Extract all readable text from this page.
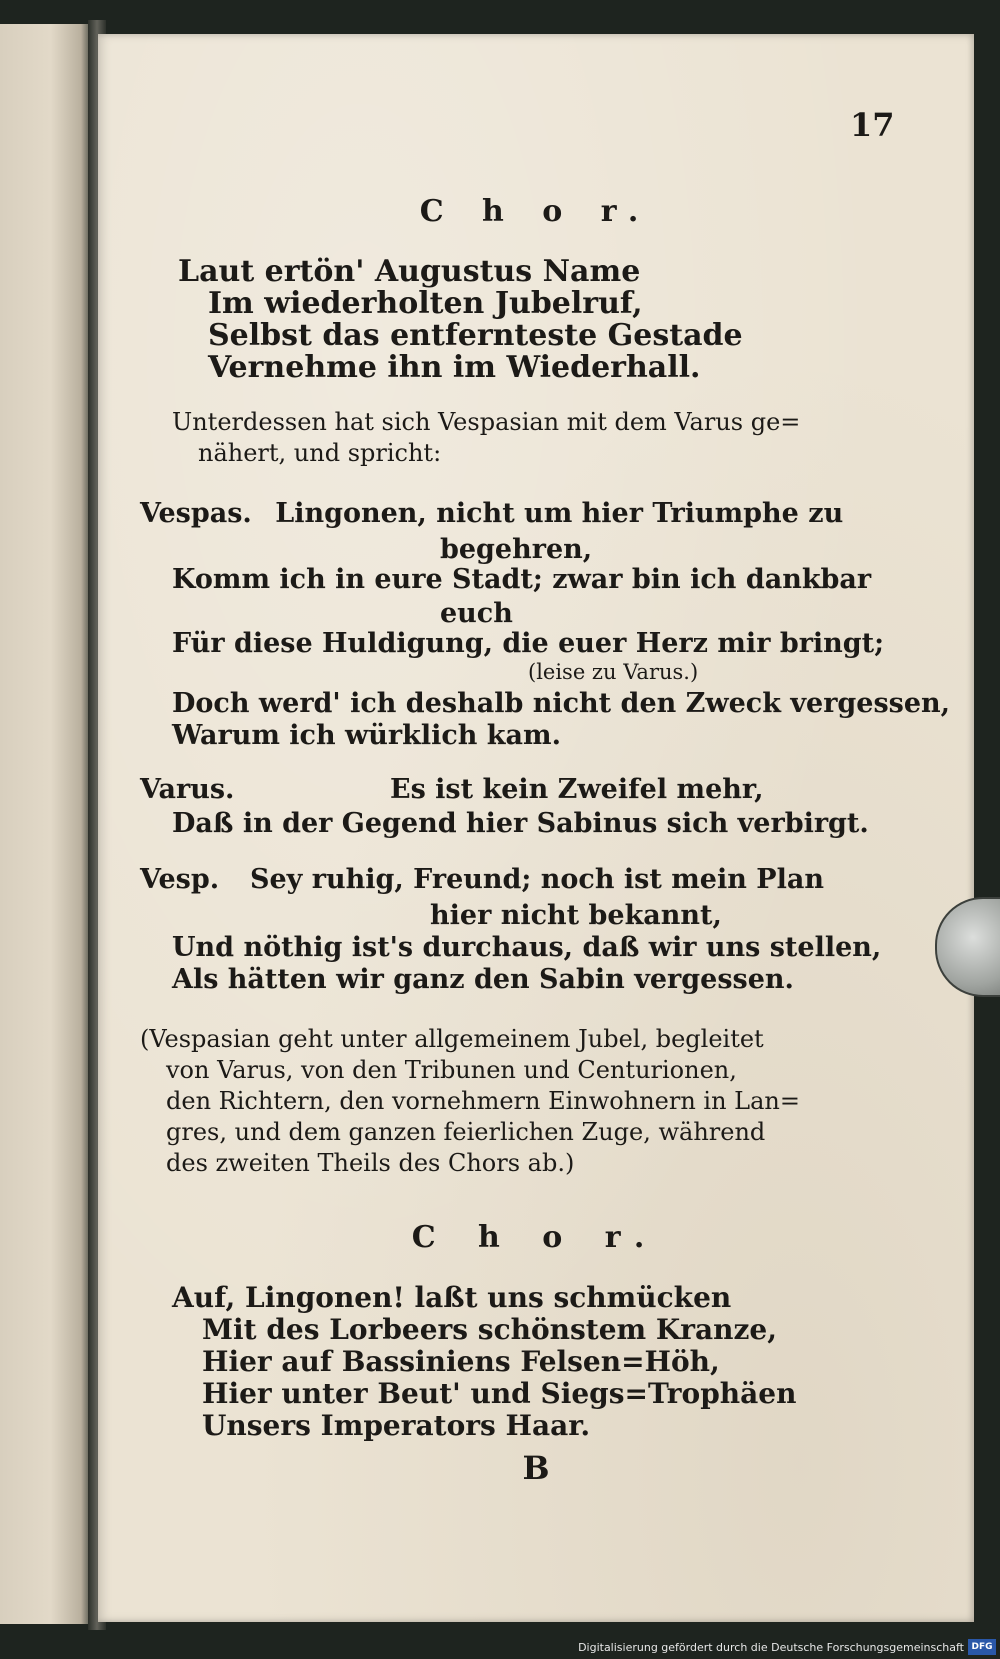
17
C h o r.
Laut ertön' Augustus Name
Im wiederholten Jubelruf,
Selbst das entfernteste Gestade
Vernehme ihn im Wiederhall.
Unterdessen hat sich Vespasian mit dem Varus ge=
nähert, und spricht:
Vespas. Lingonen, nicht um hier Triumphe zu
begehren,
Komm ich in eure Stadt; zwar bin ich dankbar
euch
Für diese Huldigung, die euer Herz mir bringt;
(leise zu Varus.)
Doch werd' ich deshalb nicht den Zweck vergessen,
Warum ich würklich kam.
Varus.	Es ist kein Zweifel mehr,
Daß in der Gegend hier Sabinus sich verbirgt.
Vesp. Sey ruhig, Freund; noch ist mein Plan
hier nicht bekannt,
Und nöthig ist's durchaus, daß wir uns stellen,
Als hätten wir ganz den Sabin vergessen.
(Vespasian geht unter allgemeinem Jubel, begleitet
von Varus, von den Tribunen und Centurionen,
den Richtern, den vornehmern Einwohnern in Lan=
gres, und dem ganzen feierlichen Zuge, während
des zweiten Theils des Chors ab.)
C h o r.
Auf, Lingonen! laßt uns schmücken
Mit des Lorbeers schönstem Kranze,
Hier auf Bassiniens Felsen=Höh,
Hier unter Beut' und Siegs=Trophäen
Unsers Imperators Haar.
B
Digitalisierung gefördert durch die Deutsche Forschungsgemeinschaft DFG
